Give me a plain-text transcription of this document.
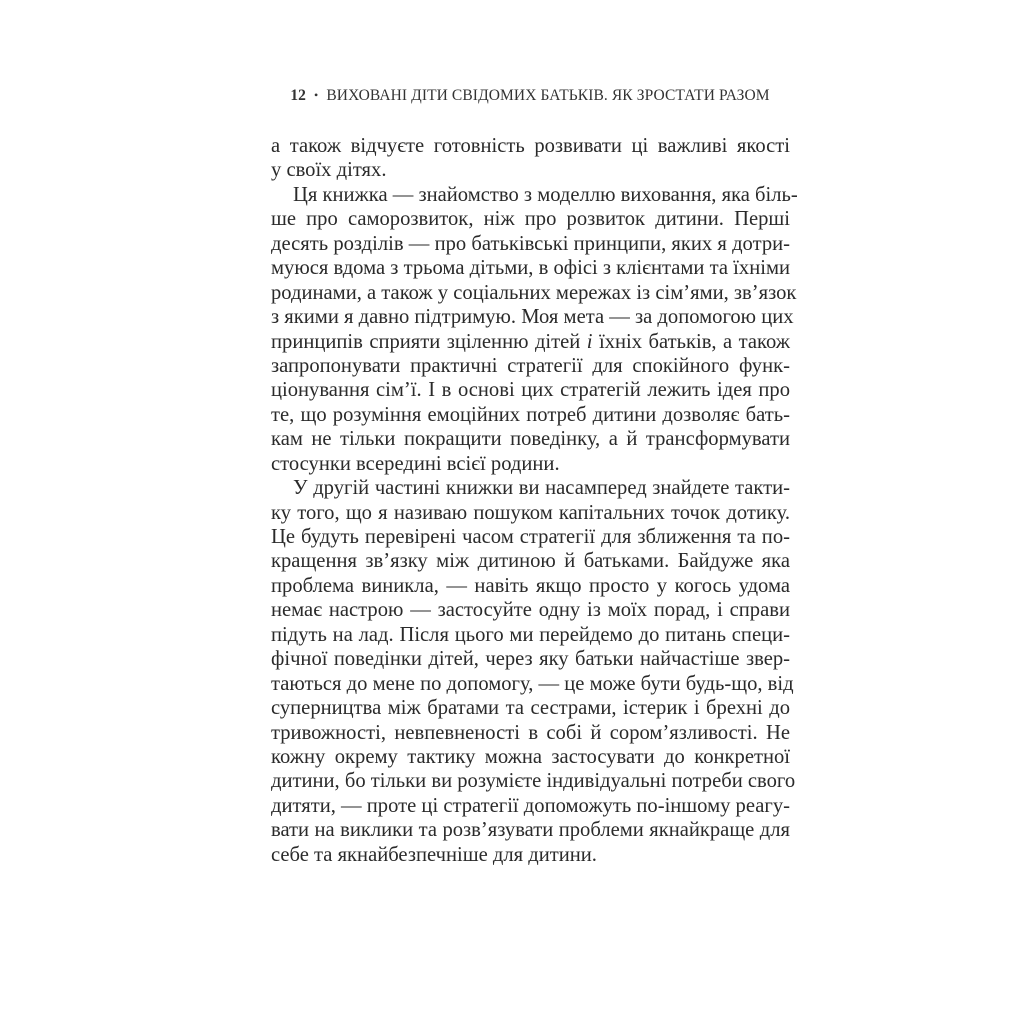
12 • ВИХОВАНІ ДІТИ СВІДОМИХ БАТЬКІВ. ЯК ЗРОСТАТИ РАЗОМ
а також відчуєте готовність розвивати ці важливі якості
у своїх дітях.
Ця книжка — знайомство з моделлю виховання, яка біль-
ше про саморозвиток, ніж про розвиток дитини. Перші
десять розділів — про батьківські принципи, яких я дотри-
муюся вдома з трьома дітьми, в офісі з клієнтами та їхніми
родинами, а також у соціальних мережах із сім’ями, зв’язок
з якими я давно підтримую. Моя мета — за допомогою цих
принципів сприяти зціленню дітей і їхніх батьків, а також
запропонувати практичні стратегії для спокійного функ-
ціонування сім’ї. І в основі цих стратегій лежить ідея про
те, що розуміння емоційних потреб дитини дозволяє бать-
кам не тільки покращити поведінку, а й трансформувати
стосунки всередині всієї родини.
У другій частині книжки ви насамперед знайдете такти-
ку того, що я називаю пошуком капітальних точок дотику.
Це будуть перевірені часом стратегії для зближення та по-
кращення зв’язку між дитиною й батьками. Байдуже яка
проблема виникла, — навіть якщо просто у когось удома
немає настрою — застосуйте одну із моїх порад, і справи
підуть на лад. Після цього ми перейдемо до питань специ-
фічної поведінки дітей, через яку батьки найчастіше звер-
таються до мене по допомогу, — це може бути будь-що, від
суперництва між братами та сестрами, істерик і брехні до
тривожності, невпевненості в собі й сором’язливості. Не
кожну окрему тактику можна застосувати до конкретної
дитини, бо тільки ви розумієте індивідуальні потреби свого
дитяти, — проте ці стратегії допоможуть по-іншому реагу-
вати на виклики та розв’язувати проблеми якнайкраще для
себе та якнайбезпечніше для дитини.
